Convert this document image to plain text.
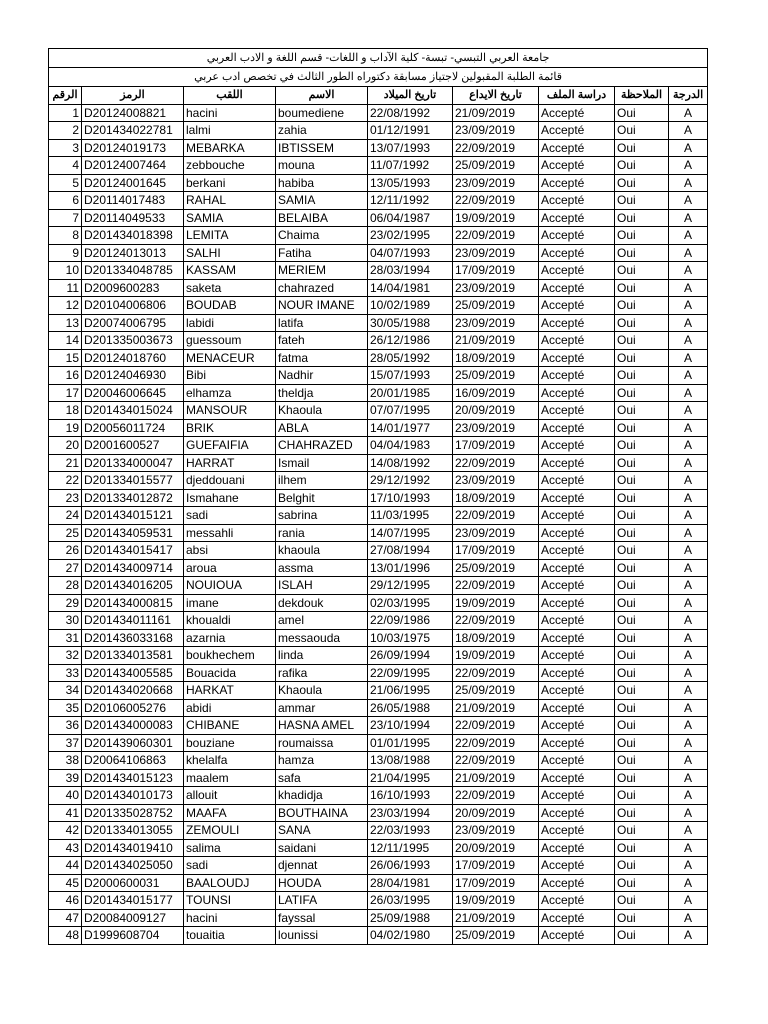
جامعة العربي التبسي- تبسة- كلية الآداب و اللغات- قسم اللغة و الادب العربي								
قائمة الطلبة المقبولين لاجتياز مسابقة دكتوراه الطور الثالث في تخصص ادب عربي								
الرقم	الرمز	اللقب	الاسم	تاريخ الميلاد	تاريخ الايداع	دراسة الملف	الملاحظة	الدرجة
1	D20124008821	hacini	boumediene	22/08/1992	21/09/2019	Accepté	Oui	A
2	D201434022781	lalmi	zahia	01/12/1991	23/09/2019	Accepté	Oui	A
3	D20124019173	MEBARKA	IBTISSEM	13/07/1993	22/09/2019	Accepté	Oui	A
4	D20124007464	zebbouche	mouna	11/07/1992	25/09/2019	Accepté	Oui	A
5	D20124001645	berkani	habiba	13/05/1993	23/09/2019	Accepté	Oui	A
6	D20114017483	RAHAL	SAMIA	12/11/1992	22/09/2019	Accepté	Oui	A
7	D20114049533	SAMIA	BELAIBA	06/04/1987	19/09/2019	Accepté	Oui	A
8	D201434018398	LEMITA	Chaima	23/02/1995	22/09/2019	Accepté	Oui	A
9	D20124013013	SALHI	Fatiha	04/07/1993	23/09/2019	Accepté	Oui	A
10	D201334048785	KASSAM	MERIEM	28/03/1994	17/09/2019	Accepté	Oui	A
11	D2009600283	saketa	chahrazed	14/04/1981	23/09/2019	Accepté	Oui	A
12	D20104006806	BOUDAB	NOUR IMANE	10/02/1989	25/09/2019	Accepté	Oui	A
13	D20074006795	labidi	latifa	30/05/1988	23/09/2019	Accepté	Oui	A
14	D201335003673	guessoum	fateh	26/12/1986	21/09/2019	Accepté	Oui	A
15	D20124018760	MENACEUR	fatma	28/05/1992	18/09/2019	Accepté	Oui	A
16	D20124046930	Bibi	Nadhir	15/07/1993	25/09/2019	Accepté	Oui	A
17	D20046006645	elhamza	theldja	20/01/1985	16/09/2019	Accepté	Oui	A
18	D201434015024	MANSOUR	Khaoula	07/07/1995	20/09/2019	Accepté	Oui	A
19	D20056011724	BRIK	ABLA	14/01/1977	23/09/2019	Accepté	Oui	A
20	D2001600527	GUEFAIFIA	CHAHRAZED	04/04/1983	17/09/2019	Accepté	Oui	A
21	D201334000047	HARRAT	Ismail	14/08/1992	22/09/2019	Accepté	Oui	A
22	D201334015577	djeddouani	ilhem	29/12/1992	23/09/2019	Accepté	Oui	A
23	D201334012872	Ismahane	Belghit	17/10/1993	18/09/2019	Accepté	Oui	A
24	D201434015121	sadi	sabrina	11/03/1995	22/09/2019	Accepté	Oui	A
25	D201434059531	messahli	rania	14/07/1995	23/09/2019	Accepté	Oui	A
26	D201434015417	absi	khaoula	27/08/1994	17/09/2019	Accepté	Oui	A
27	D201434009714	aroua	assma	13/01/1996	25/09/2019	Accepté	Oui	A
28	D201434016205	NOUIOUA	ISLAH	29/12/1995	22/09/2019	Accepté	Oui	A
29	D201434000815	imane	dekdouk	02/03/1995	19/09/2019	Accepté	Oui	A
30	D201434011161	khoualdi	amel	22/09/1986	22/09/2019	Accepté	Oui	A
31	D201436033168	azarnia	messaouda	10/03/1975	18/09/2019	Accepté	Oui	A
32	D201334013581	boukhechem	linda	26/09/1994	19/09/2019	Accepté	Oui	A
33	D201434005585	Bouacida	rafika	22/09/1995	22/09/2019	Accepté	Oui	A
34	D201434020668	HARKAT	Khaoula	21/06/1995	25/09/2019	Accepté	Oui	A
35	D20106005276	abidi	ammar	26/05/1988	21/09/2019	Accepté	Oui	A
36	D201434000083	CHIBANE	HASNA AMEL	23/10/1994	22/09/2019	Accepté	Oui	A
37	D201439060301	bouziane	roumaissa	01/01/1995	22/09/2019	Accepté	Oui	A
38	D20064106863	khelalfa	hamza	13/08/1988	22/09/2019	Accepté	Oui	A
39	D201434015123	maalem	safa	21/04/1995	21/09/2019	Accepté	Oui	A
40	D201434010173	allouit	khadidja	16/10/1993	22/09/2019	Accepté	Oui	A
41	D201335028752	MAAFA	BOUTHAINA	23/03/1994	20/09/2019	Accepté	Oui	A
42	D201334013055	ZEMOULI	SANA	22/03/1993	23/09/2019	Accepté	Oui	A
43	D201434019410	salima	saidani	12/11/1995	20/09/2019	Accepté	Oui	A
44	D201434025050	sadi	djennat	26/06/1993	17/09/2019	Accepté	Oui	A
45	D2000600031	BAALOUDJ	HOUDA	28/04/1981	17/09/2019	Accepté	Oui	A
46	D201434015177	TOUNSI	LATIFA	26/03/1995	19/09/2019	Accepté	Oui	A
47	D20084009127	hacini	fayssal	25/09/1988	21/09/2019	Accepté	Oui	A
48	D1999608704	touaitia	lounissi	04/02/1980	25/09/2019	Accepté	Oui	A
